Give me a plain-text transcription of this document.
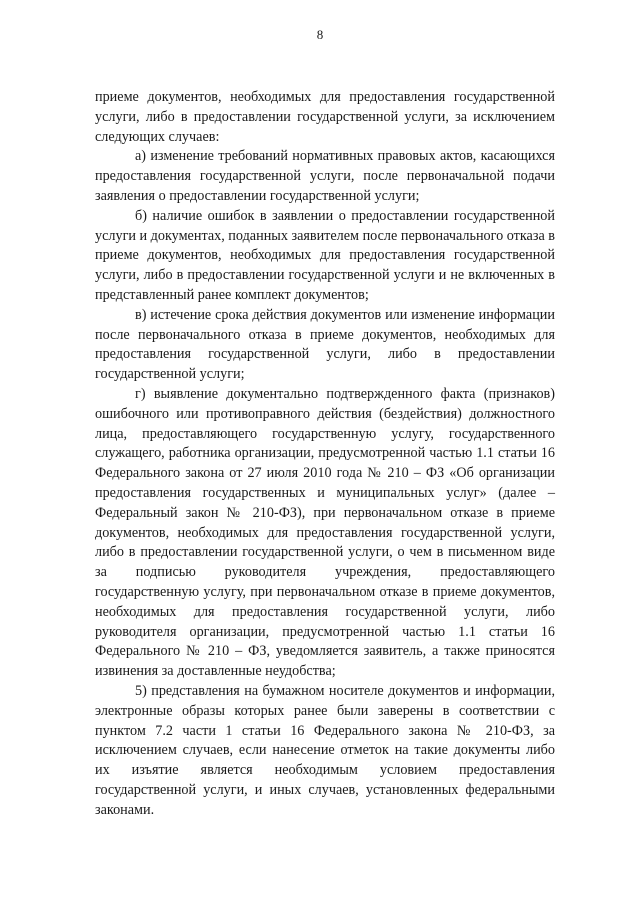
8

приеме документов, необходимых для предоставления государственной услуги, либо в предоставлении государственной услуги, за исключением следующих случаев:

а) изменение требований нормативных правовых актов, касающихся предоставления государственной услуги, после первоначальной подачи заявления о предоставлении государственной услуги;

б) наличие ошибок в заявлении о предоставлении государственной услуги и документах, поданных заявителем после первоначального отказа в приеме документов, необходимых для предоставления государственной услуги, либо в предоставлении государственной услуги и не включенных в представленный ранее комплект документов;

в) истечение срока действия документов или изменение информации после первоначального отказа в приеме документов, необходимых для предоставления государственной услуги, либо в предоставлении государственной услуги;

г) выявление документально подтвержденного факта (признаков) ошибочного или противоправного действия (бездействия) должностного лица, предоставляющего государственную услугу, государственного служащего, работника организации, предусмотренной частью 1.1 статьи 16 Федерального закона от 27 июля 2010 года № 210 – ФЗ «Об организации предоставления государственных и муниципальных услуг» (далее – Федеральный закон № 210-ФЗ), при первоначальном отказе в приеме документов, необходимых для предоставления государственной услуги, либо в предоставлении государственной услуги, о чем в письменном виде за подписью руководителя учреждения, предоставляющего государственную услугу, при первоначальном отказе в приеме документов, необходимых для предоставления государственной услуги, либо руководителя организации, предусмотренной частью 1.1 статьи 16 Федерального № 210 – ФЗ, уведомляется заявитель, а также приносятся извинения за доставленные неудобства;

5) представления на бумажном носителе документов и информации, электронные образы которых ранее были заверены в соответствии с пунктом 7.2 части 1 статьи 16 Федерального закона № 210-ФЗ, за исключением случаев, если нанесение отметок на такие документы либо их изъятие является необходимым условием предоставления государственной услуги, и иных случаев, установленных федеральными законами.
